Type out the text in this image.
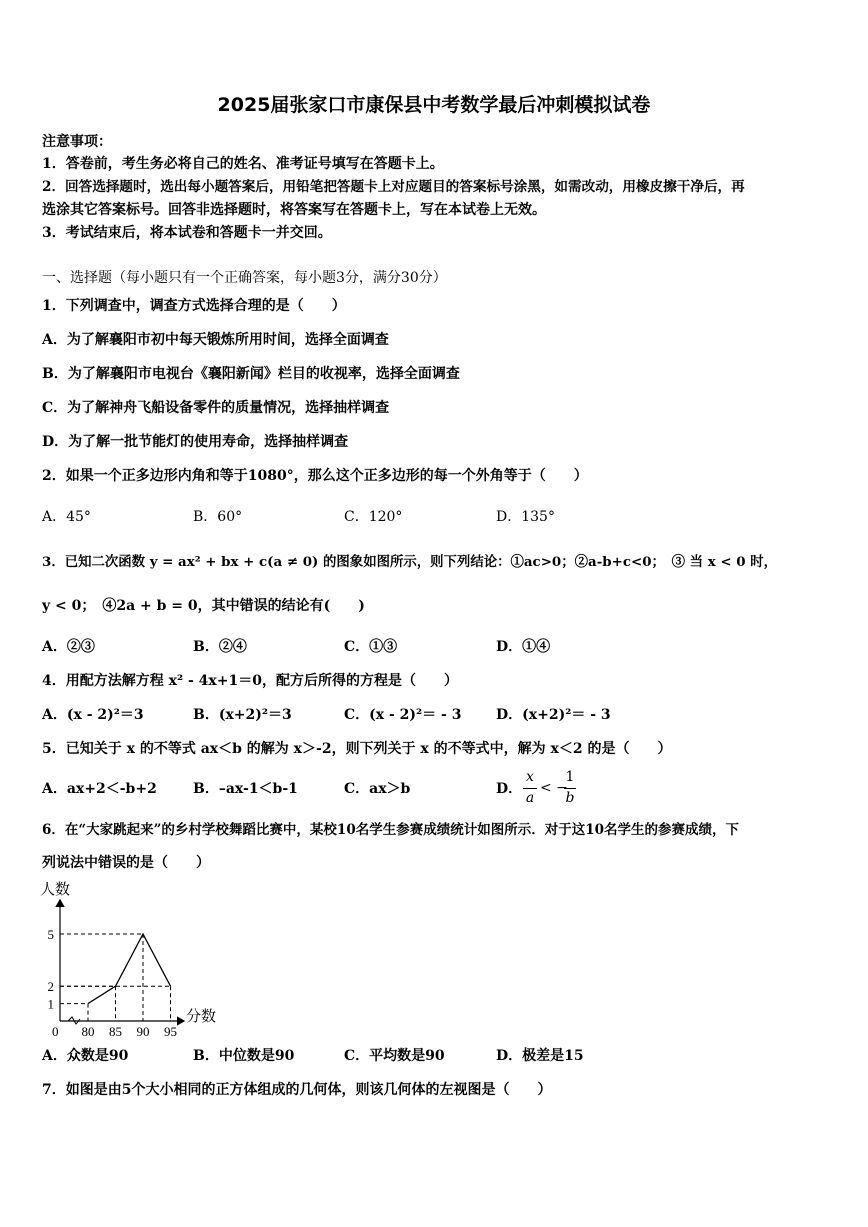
2025届张家口市康保县中考数学最后冲刺模拟试卷
注意事项：
1．答卷前，考生务必将自己的姓名、准考证号填写在答题卡上。
2．回答选择题时，选出每小题答案后，用铅笔把答题卡上对应题目的答案标号涂黑，如需改动，用橡皮擦干净后，再
选涂其它答案标号。回答非选择题时，将答案写在答题卡上，写在本试卷上无效。
3．考试结束后，将本试卷和答题卡一并交回。
一、选择题（每小题只有一个正确答案，每小题3分，满分30分）
1．下列调查中，调查方式选择合理的是（　　）
A．为了解襄阳市初中每天锻炼所用时间，选择全面调查
B．为了解襄阳市电视台《襄阳新闻》栏目的收视率，选择全面调查
C．为了解神舟飞船设备零件的质量情况，选择抽样调查
D．为了解一批节能灯的使用寿命，选择抽样调查
2．如果一个正多边形内角和等于1080°，那么这个正多边形的每一个外角等于（　　）
A．45°	B．60°	C．120°	D．135°
3．已知二次函数 y = ax² + bx + c(a ≠ 0) 的图象如图所示，则下列结论：①ac>0；②a-b+c<0；　③ 当 x < 0 时，
y < 0；　④2a + b = 0，其中错误的结论有(　　)
A．②③	B．②④	C．①③	D．①④
4．用配方法解方程 x² - 4x+1＝0，配方后所得的方程是（　　）
A．(x - 2)²＝3	B．(x+2)²＝3	C．(x - 2)²＝ - 3 D．(x+2)²＝ - 3
5．已知关于 x 的不等式 ax＜b 的解为 x＞-2，则下列关于 x 的不等式中，解为 x＜2 的是（　　）
A．ax+2＜-b+2	B．–ax-1＜b-1	C．ax＞b	D．
x
a
< −
1
b
6．在“大家跳起来”的乡村学校舞蹈比赛中，某校10名学生参赛成绩统计如图所示．对于这10名学生的参赛成绩，下
列说法中错误的是（　　）
人数
分数
0 80 85 90 95
1
2
5
A．众数是90	B．中位数是90	C．平均数是90	D．极差是15
7．如图是由5个大小相同的正方体组成的几何体，则该几何体的左视图是（　　）
